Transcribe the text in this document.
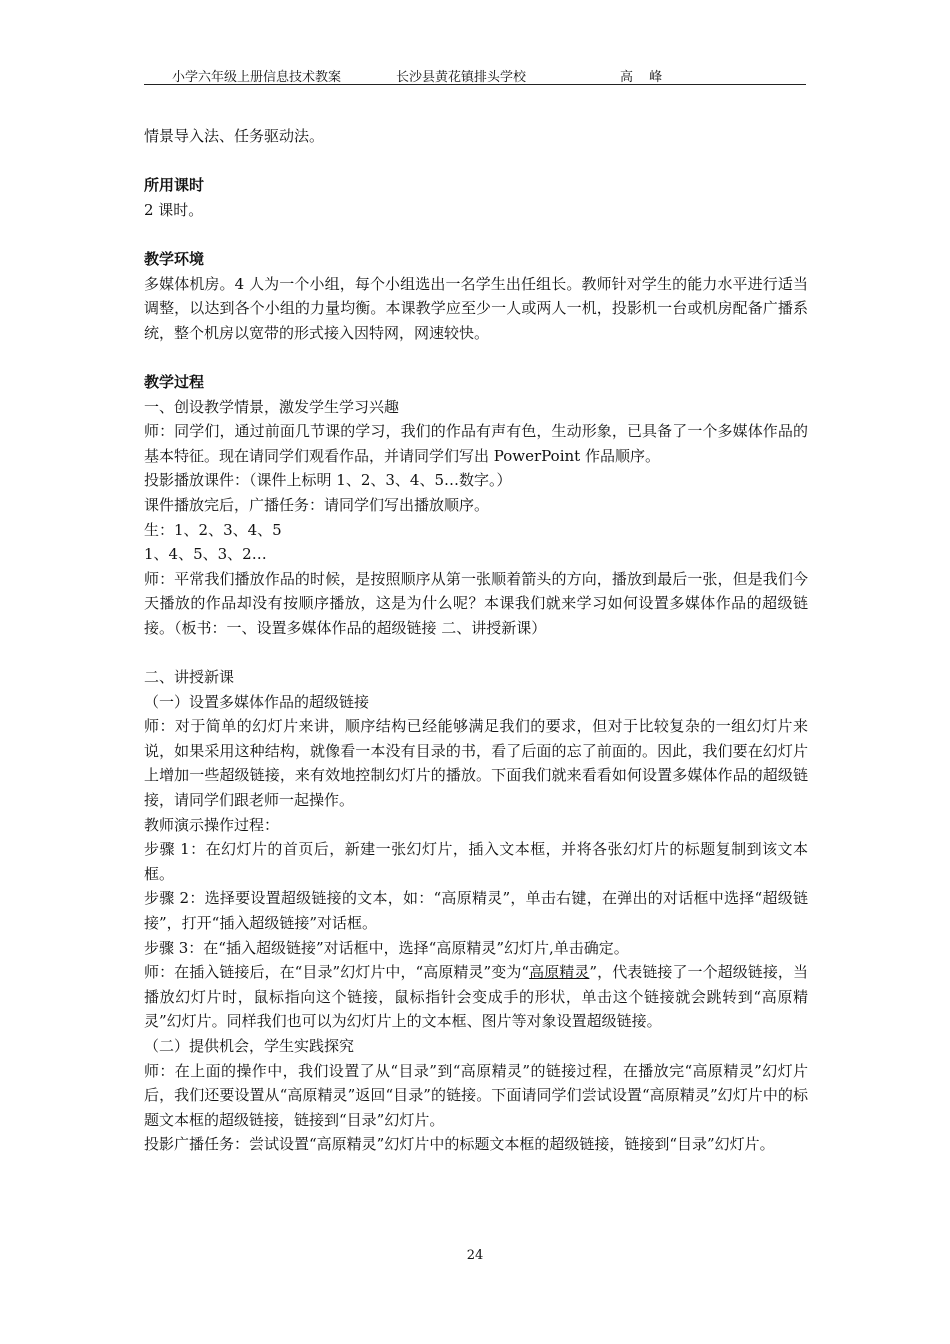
小学六年级上册信息技术教案	长沙县黄花镇排头学校	高 峰

情景导入法、任务驱动法。

所用课时

2 课时。

教学环境

多媒体机房。4 人为一个小组，每个小组选出一名学生出任组长。教师针对学生的能力水平进行适当调整，以达到各个小组的力量均衡。本课教学应至少一人或两人一机，投影机一台或机房配备广播系统，整个机房以宽带的形式接入因特网，网速较快。

教学过程

一、创设教学情景，激发学生学习兴趣

师：同学们，通过前面几节课的学习，我们的作品有声有色，生动形象，已具备了一个多媒体作品的基本特征。现在请同学们观看作品，并请同学们写出 PowerPoint 作品顺序。

投影播放课件：（课件上标明 1、2、3、4、5…数字。）

课件播放完后，广播任务：请同学们写出播放顺序。

生：1、2、3、4、5

1、4、5、3、2…

师：平常我们播放作品的时候，是按照顺序从第一张顺着箭头的方向，播放到最后一张，但是我们今天播放的作品却没有按顺序播放，这是为什么呢？本课我们就来学习如何设置多媒体作品的超级链接。（板书：一、设置多媒体作品的超级链接 二、讲授新课）

二、讲授新课

（一）设置多媒体作品的超级链接

师：对于简单的幻灯片来讲，顺序结构已经能够满足我们的要求，但对于比较复杂的一组幻灯片来说，如果采用这种结构，就像看一本没有目录的书，看了后面的忘了前面的。因此，我们要在幻灯片上增加一些超级链接，来有效地控制幻灯片的播放。下面我们就来看看如何设置多媒体作品的超级链接，请同学们跟老师一起操作。

教师演示操作过程：

步骤 1：在幻灯片的首页后，新建一张幻灯片，插入文本框，并将各张幻灯片的标题复制到该文本框。

步骤 2：选择要设置超级链接的文本，如：“高原精灵”，单击右键，在弹出的对话框中选择“超级链接”，打开“插入超级链接”对话框。

步骤 3：在“插入超级链接”对话框中，选择“高原精灵”幻灯片,单击确定。

师：在插入链接后，在“目录”幻灯片中，“高原精灵”变为“高原精灵”，代表链接了一个超级链接，当播放幻灯片时，鼠标指向这个链接，鼠标指针会变成手的形状，单击这个链接就会跳转到“高原精灵”幻灯片。同样我们也可以为幻灯片上的文本框、图片等对象设置超级链接。

（二）提供机会，学生实践探究

师：在上面的操作中，我们设置了从“目录”到“高原精灵”的链接过程，在播放完“高原精灵”幻灯片后，我们还要设置从“高原精灵”返回“目录”的链接。下面请同学们尝试设置“高原精灵”幻灯片中的标题文本框的超级链接，链接到“目录”幻灯片。

投影广播任务：尝试设置“高原精灵”幻灯片中的标题文本框的超级链接，链接到“目录”幻灯片。

24
